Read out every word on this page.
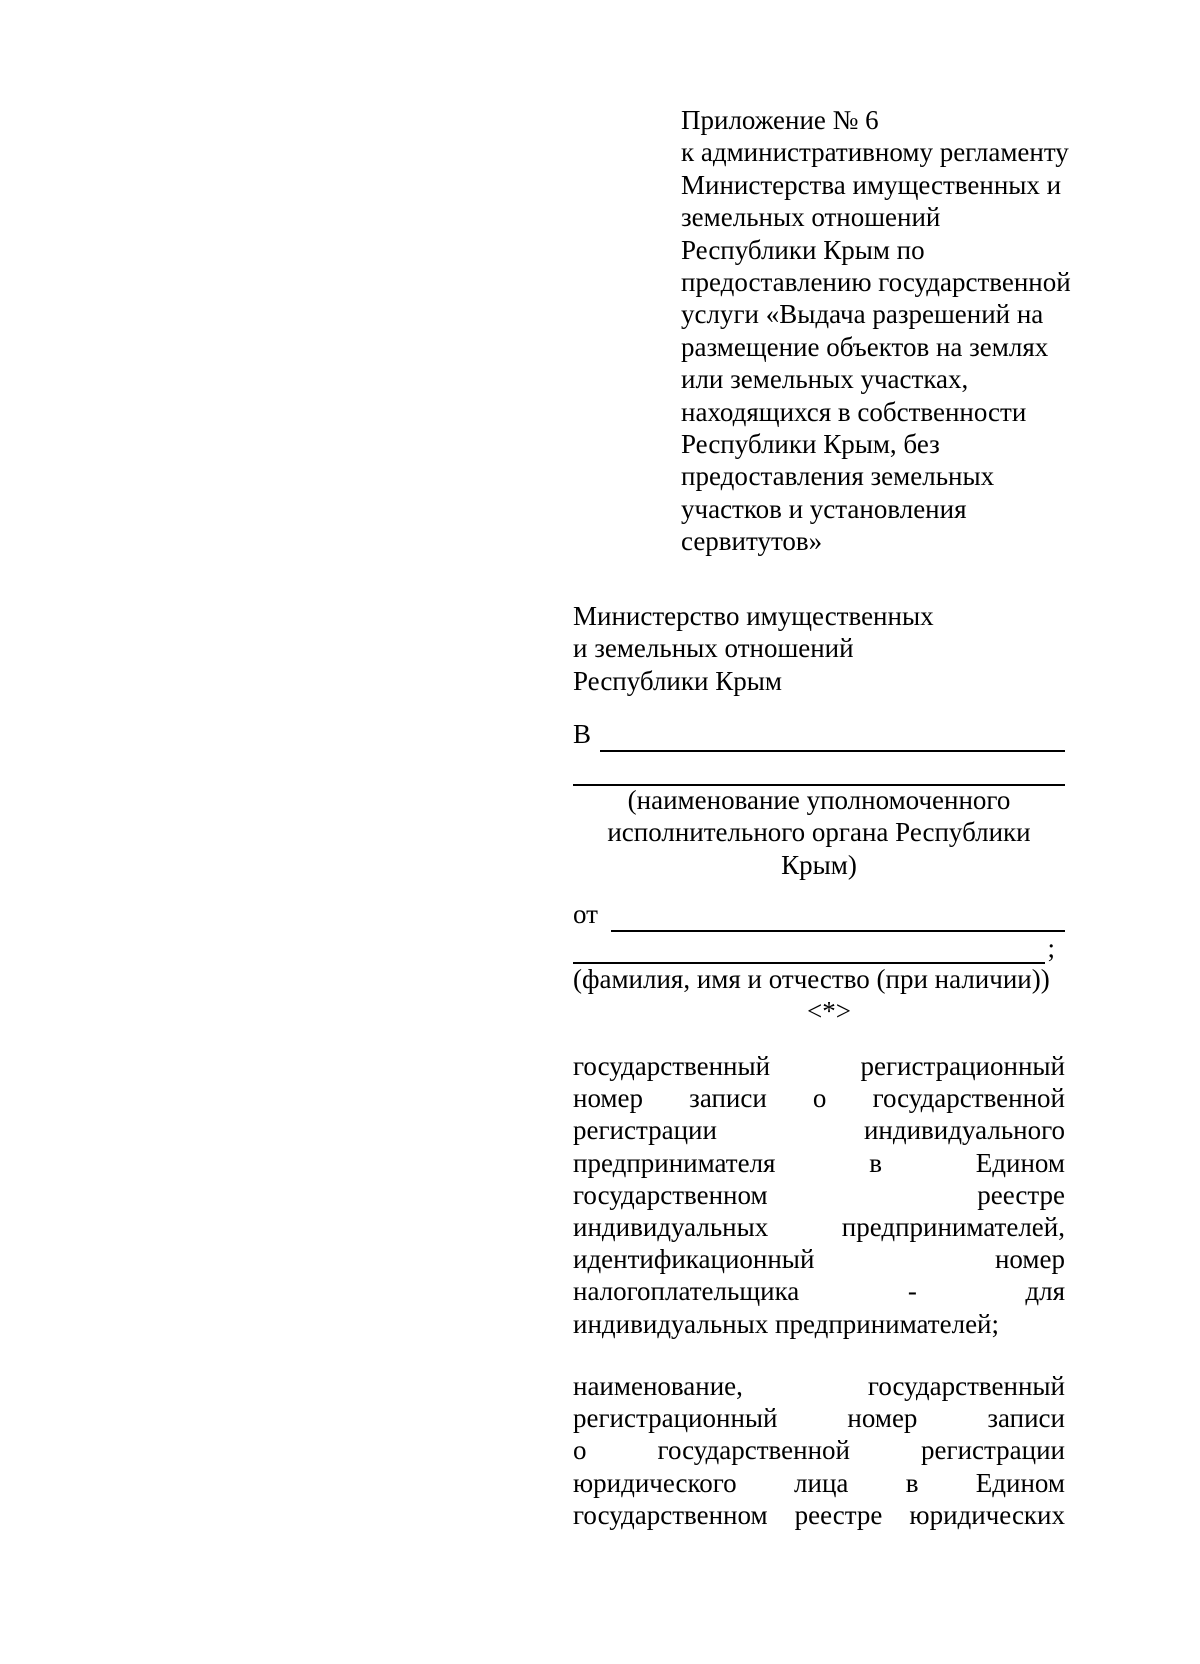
Приложение № 6
к административному регламенту
Министерства имущественных и
земельных отношений
Республики Крым по
предоставлению государственной
услуги «Выдача разрешений на
размещение объектов на землях
или земельных участках,
находящихся в собственности
Республики Крым, без
предоставления земельных
участков и установления
сервитутов»
Министерство имущественных
и земельных отношений
Республики Крым
В
(наименование уполномоченного
исполнительного органа Республики
Крым)
от
;
(фамилия, имя и отчество (при наличии))
<*>
государственный	регистрационный
номер записи о государственной
регистрации	индивидуального
предпринимателя	в	Едином
государственном	реестре
индивидуальных	предпринимателей,
идентификационный	номер
налогоплательщика	-	для
индивидуальных предпринимателей;
наименование,	государственный
регистрационный	номер	записи
о	государственной	регистрации
юридического лица в Едином
государственном реестре юридических
